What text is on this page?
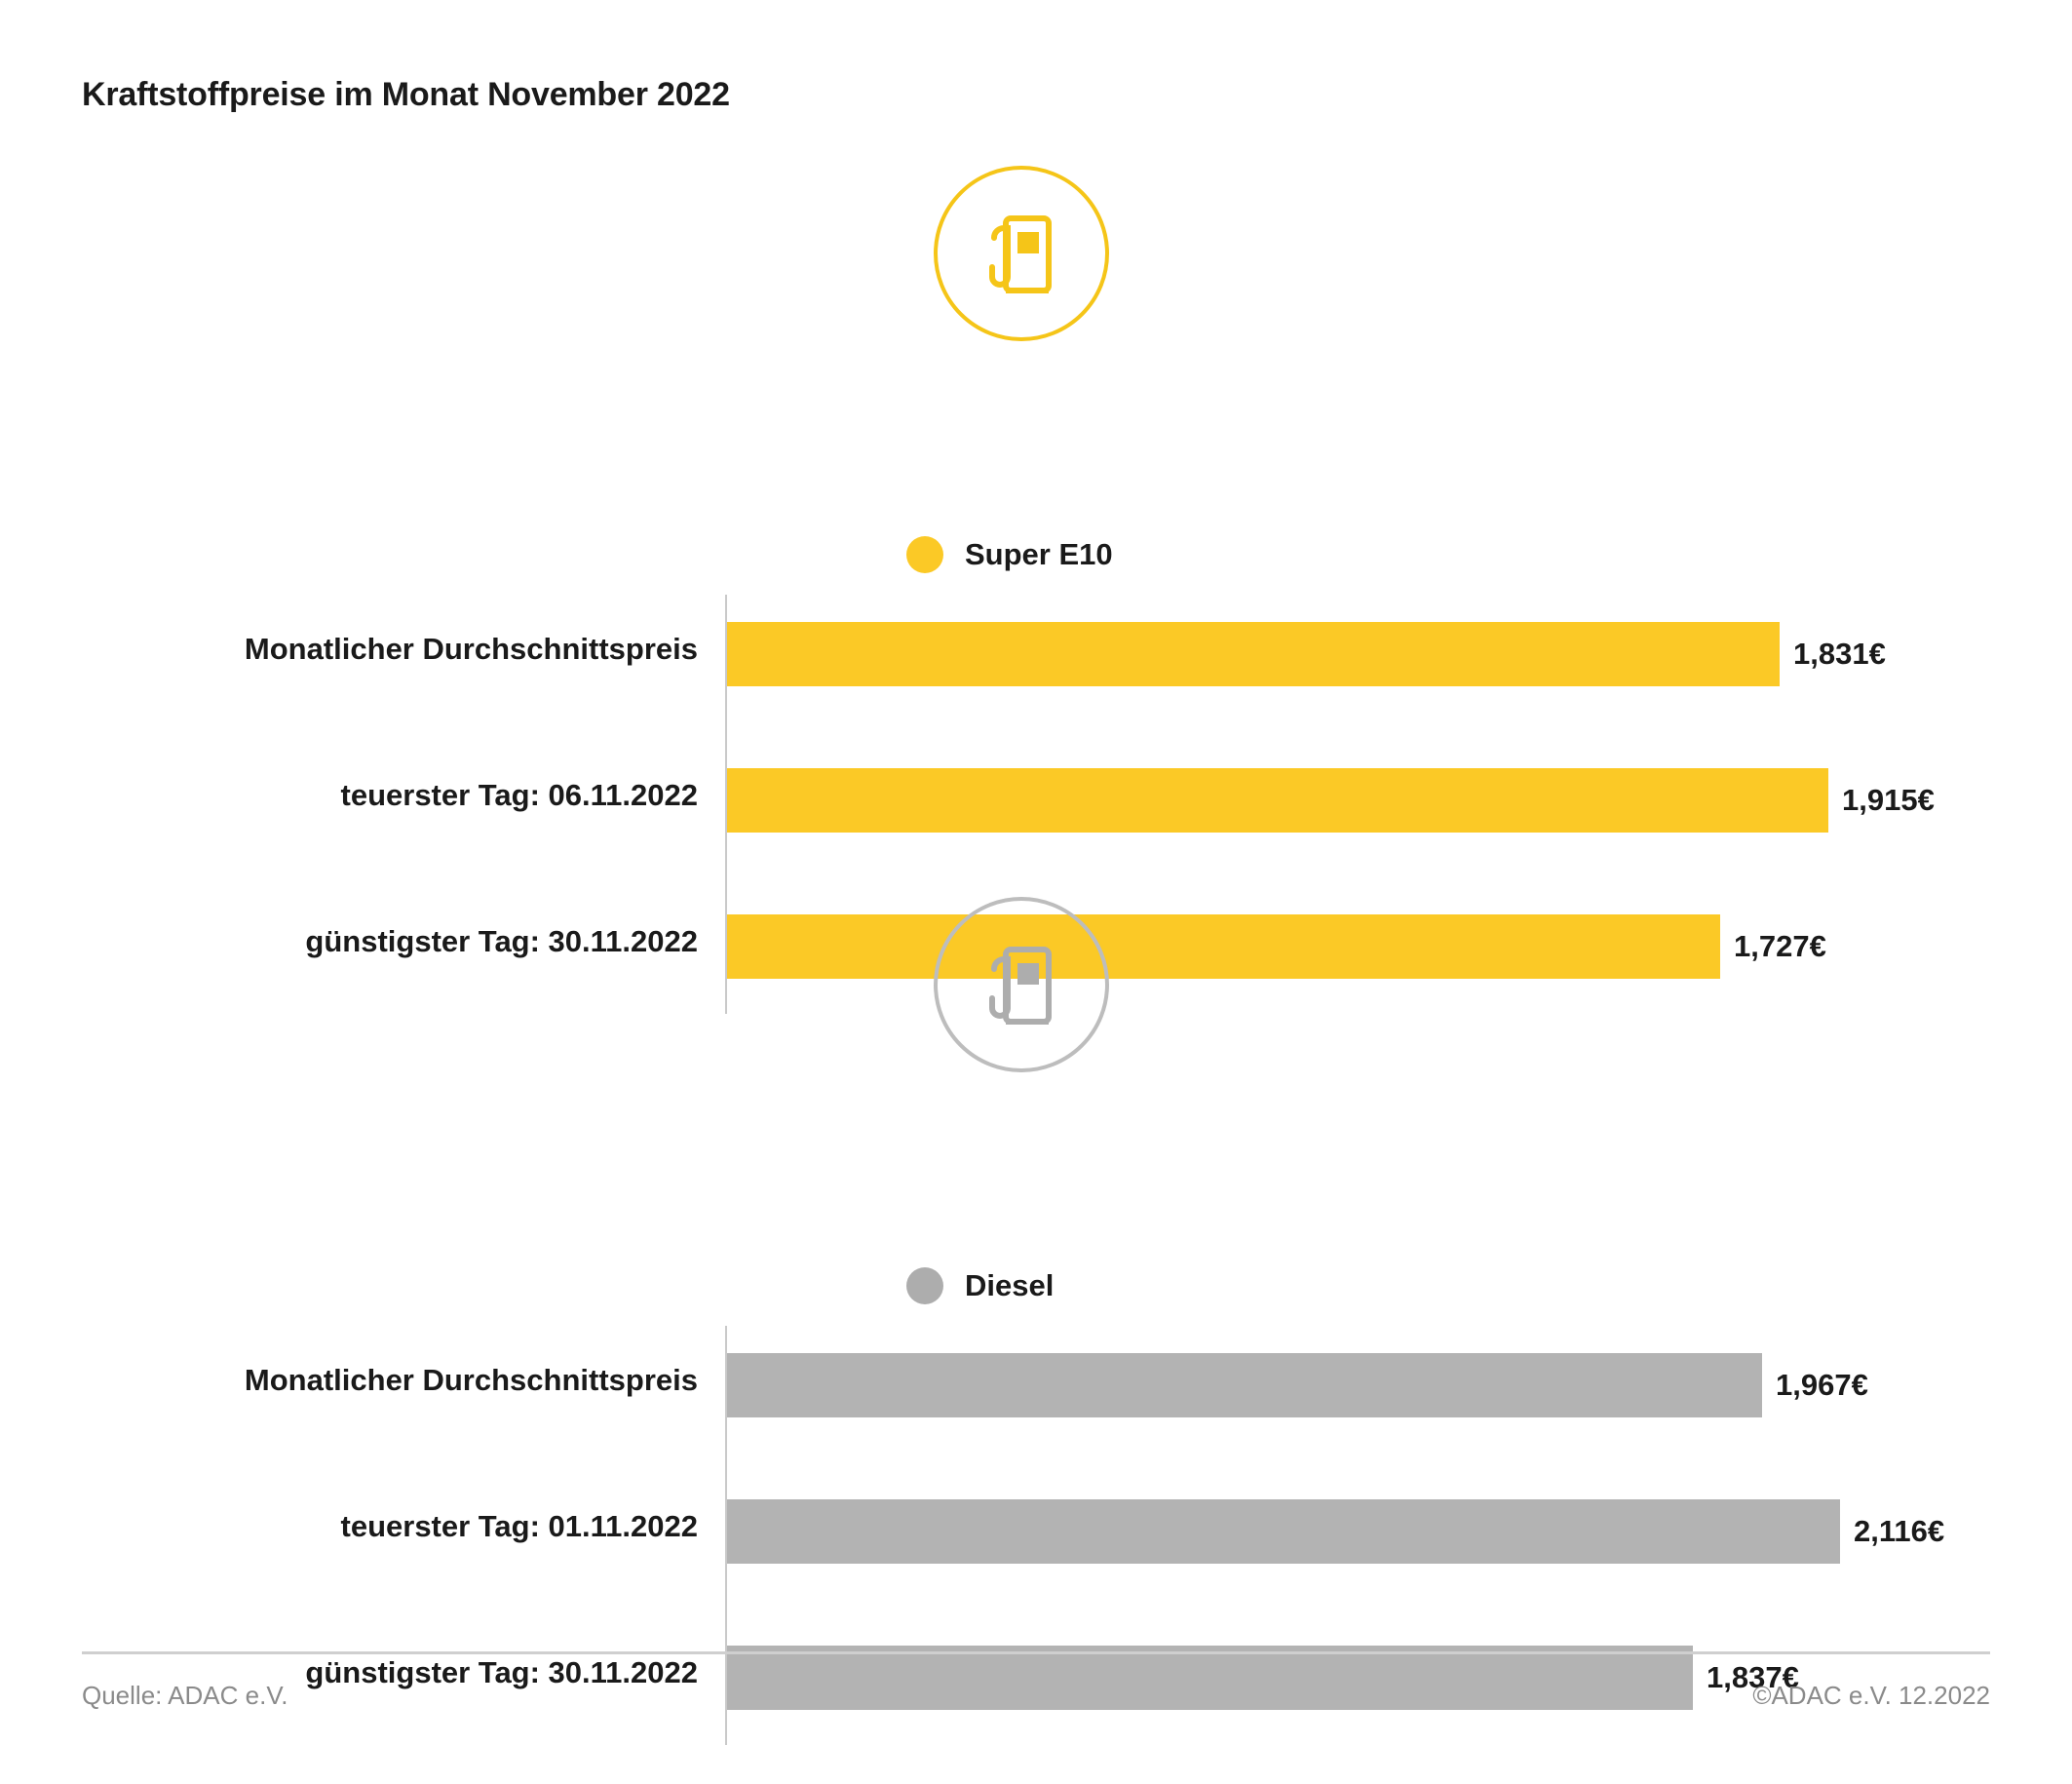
Kraftstoffpreise im Monat November 2022
Super E10
Monatlicher Durchschnittspreis	1,831€
teuerster Tag: 06.11.2022	1,915€
günstigster Tag: 30.11.2022	1,727€
Diesel
Monatlicher Durchschnittspreis	1,967€
teuerster Tag: 01.11.2022	2,116€
günstigster Tag: 30.11.2022	1,837€
Quelle: ADAC e.V.	©ADAC e.V. 12.2022
